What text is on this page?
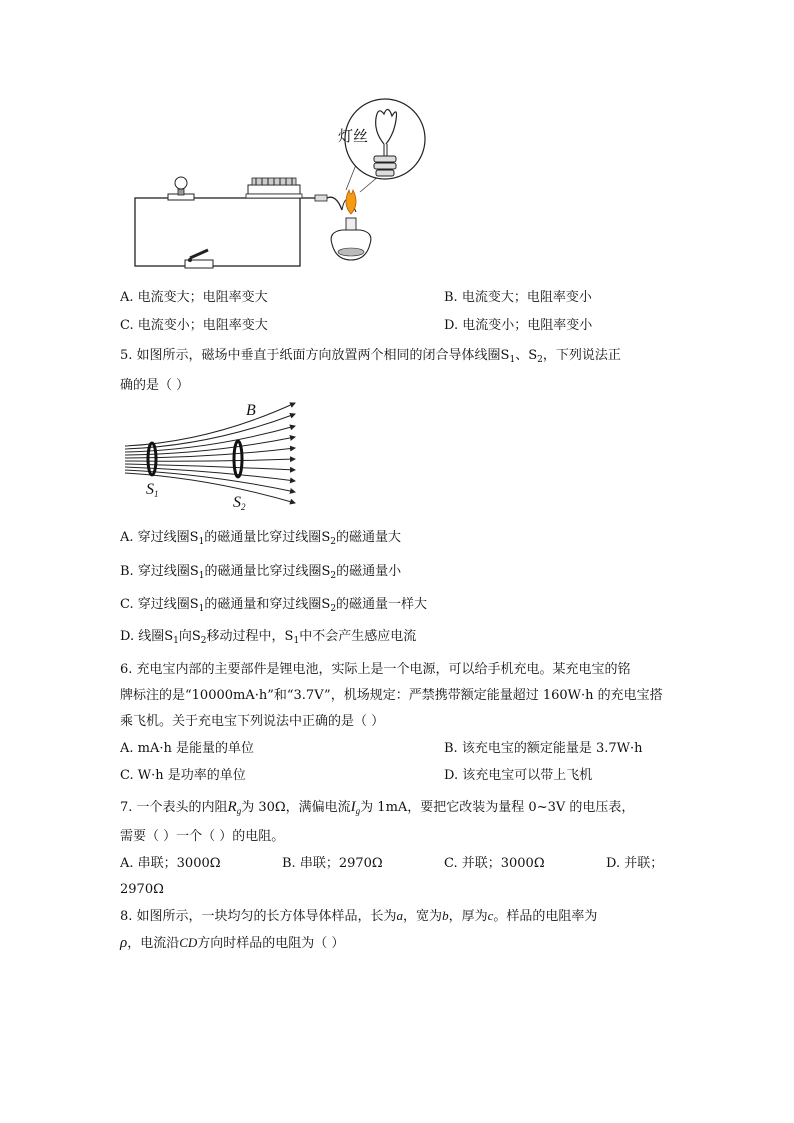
灯丝
A. 电流变大；电阻率变大	B. 电流变大；电阻率变小
C. 电流变小；电阻率变大	D. 电流变小；电阻率变小
5. 如图所示，磁场中垂直于纸面方向放置两个相同的闭合导体线圈$S_1$、$S_2$，下列说法正
确的是（ ）
B
$S_1$	$S_2$
A. 穿过线圈$S_1$的磁通量比穿过线圈$S_2$的磁通量大
B. 穿过线圈$S_1$的磁通量比穿过线圈$S_2$的磁通量小
C. 穿过线圈$S_1$的磁通量和穿过线圈$S_2$的磁通量一样大
D. 线圈$S_1$向$S_2$移动过程中，$S_1$中不会产生感应电流
6. 充电宝内部的主要部件是锂电池，实际上是一个电源，可以给手机充电。某充电宝的铭
牌标注的是“10000mA·h”和“3.7V”，机场规定：严禁携带额定能量超过 160W·h 的充电宝搭
乘飞机。关于充电宝下列说法中正确的是（ ）
A. mA·h 是能量的单位	B. 该充电宝的额定能量是 3.7W·h
C. W·h 是功率的单位	D. 该充电宝可以带上飞机
7. 一个表头的内阻$R_g$为 30Ω，满偏电流$I_g$为 1mA，要把它改装为量程 0~3V 的电压表，
需要（ ）一个（ ）的电阻。
A. 串联；3000Ω	B. 串联；2970Ω	C. 并联；3000Ω	D. 并联；
2970Ω
8. 如图所示，一块均匀的长方体导体样品，长为a，宽为b，厚为c。样品的电阻率为
ρ，电流沿CD方向时样品的电阻为（ ）
